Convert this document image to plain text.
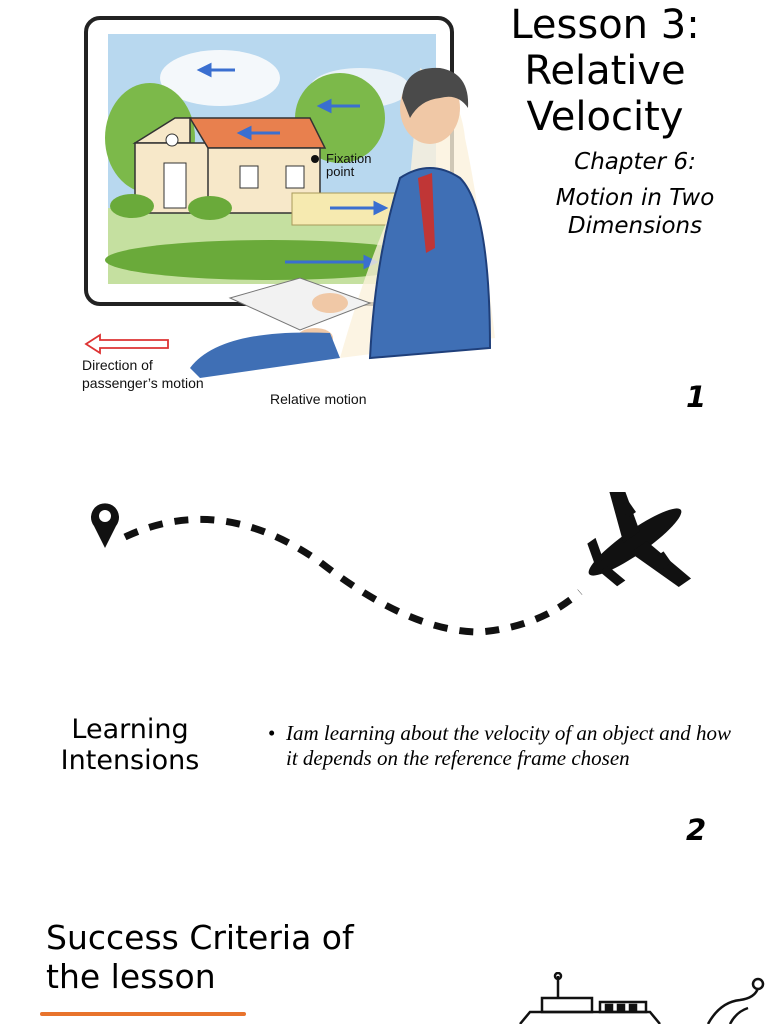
Fixation
point
Direction of
passenger’s motion
Relative motion
Lesson 3: Relative Velocity
Chapter 6:
Motion in Two Dimensions
1
Learning Intensions
• Iam learning about the velocity of an object and how it depends on the reference frame chosen
2
Success Criteria of the lesson
